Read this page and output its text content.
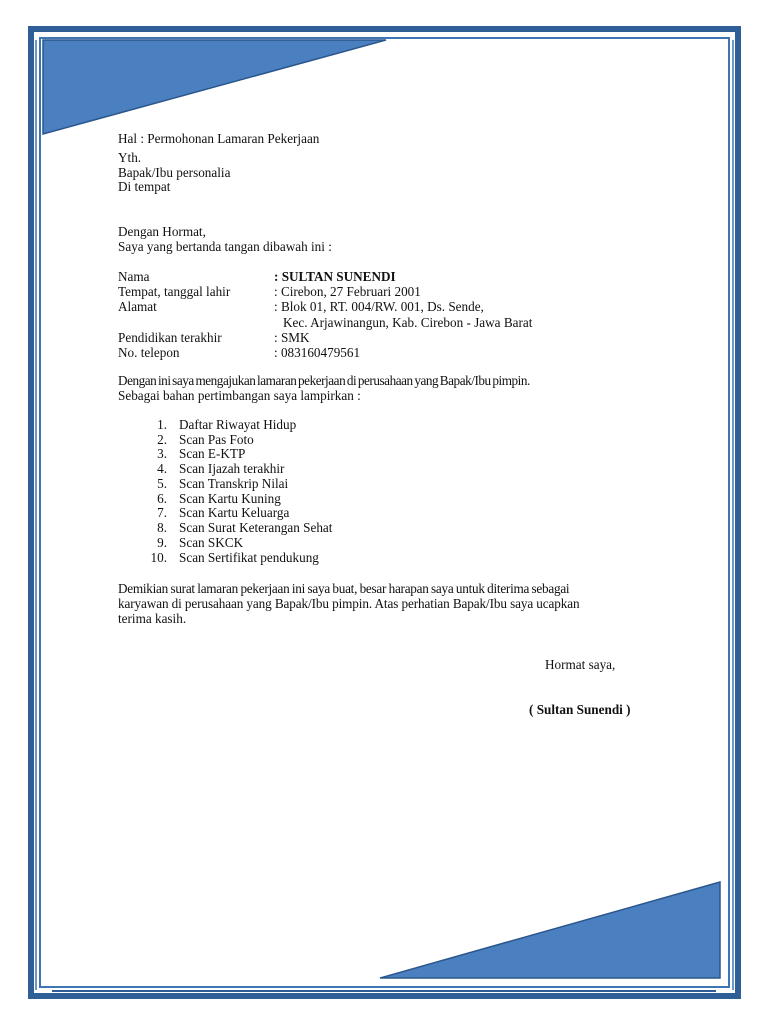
Hal : Permohonan Lamaran Pekerjaan
Yth.
Bapak/Ibu personalia
Di tempat
Dengan Hormat,
Saya yang bertanda tangan dibawah ini :
Nama	: SULTAN SUNENDI
Tempat, tanggal lahir	: Cirebon, 27 Februari 2001
Alamat	: Blok 01, RT. 004/RW. 001, Ds. Sende,
Kec. Arjawinangun, Kab. Cirebon - Jawa Barat
Pendidikan terakhir	: SMK
No. telepon	: 083160479561
Dengan ini saya mengajukan lamaran pekerjaan di perusahaan yang Bapak/Ibu pimpin.
Sebagai bahan pertimbangan saya lampirkan :
1. Daftar Riwayat Hidup
2. Scan Pas Foto
3. Scan E-KTP
4. Scan Ijazah terakhir
5. Scan Transkrip Nilai
6. Scan Kartu Kuning
7. Scan Kartu Keluarga
8. Scan Surat Keterangan Sehat
9. Scan SKCK
10. Scan Sertifikat pendukung
Demikian surat lamaran pekerjaan ini saya buat, besar harapan saya untuk diterima sebagai
karyawan di perusahaan yang Bapak/Ibu pimpin. Atas perhatian Bapak/Ibu saya ucapkan
terima kasih.
Hormat saya,
( Sultan Sunendi )
